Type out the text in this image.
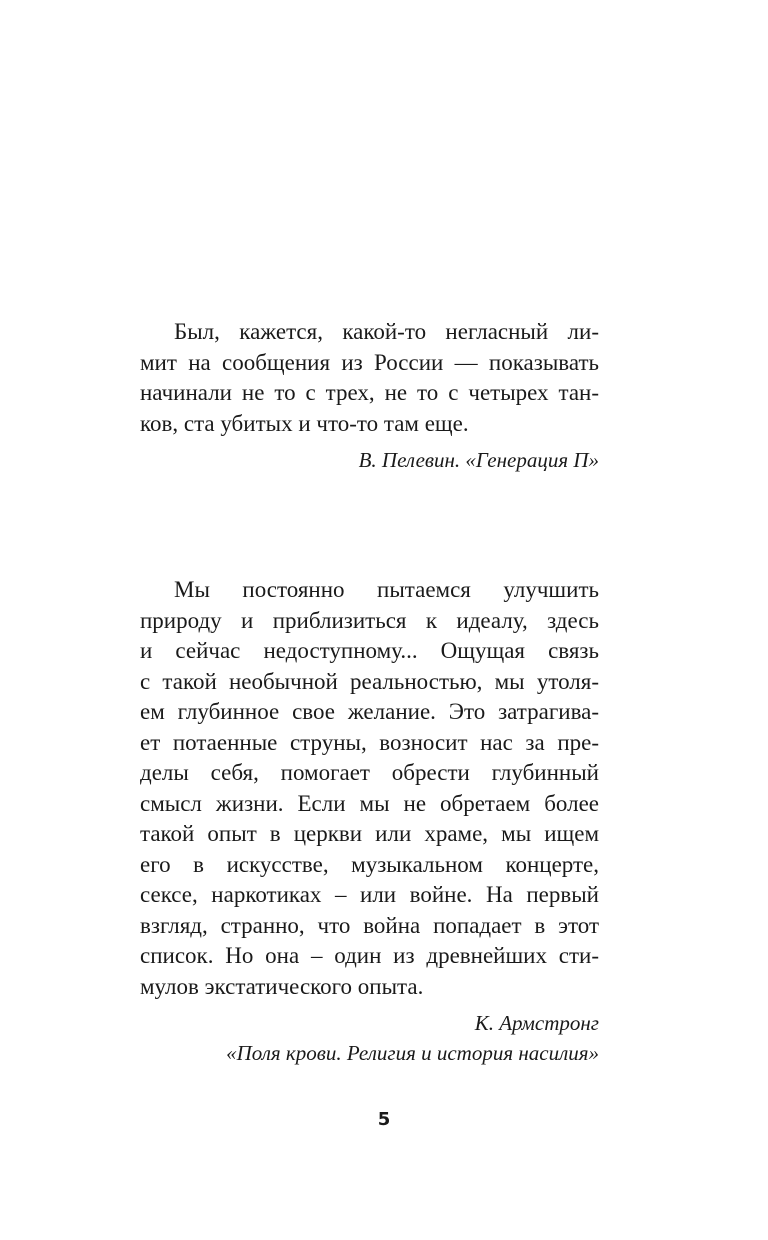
Был, кажется, какой-то негласный ли-
мит на сообщения из России — показывать
начинали не то с трех, не то с четырех тан-
ков, ста убитых и что-то там еще.
В. Пелевин. «Генерация П»
Мы постоянно пытаемся улучшить
природу и приблизиться к идеалу, здесь
и сейчас недоступному... Ощущая связь
с такой необычной реальностью, мы утоля-
ем глубинное свое желание. Это затрагива-
ет потаенные струны, возносит нас за пре-
делы себя, помогает обрести глубинный
смысл жизни. Если мы не обретаем более
такой опыт в церкви или храме, мы ищем
его в искусстве, музыкальном концерте,
сексе, наркотиках – или войне. На первый
взгляд, странно, что война попадает в этот
список. Но она – один из древнейших сти-
мулов экстатического опыта.
К. Армстронг
«Поля крови. Религия и история насилия»
5
